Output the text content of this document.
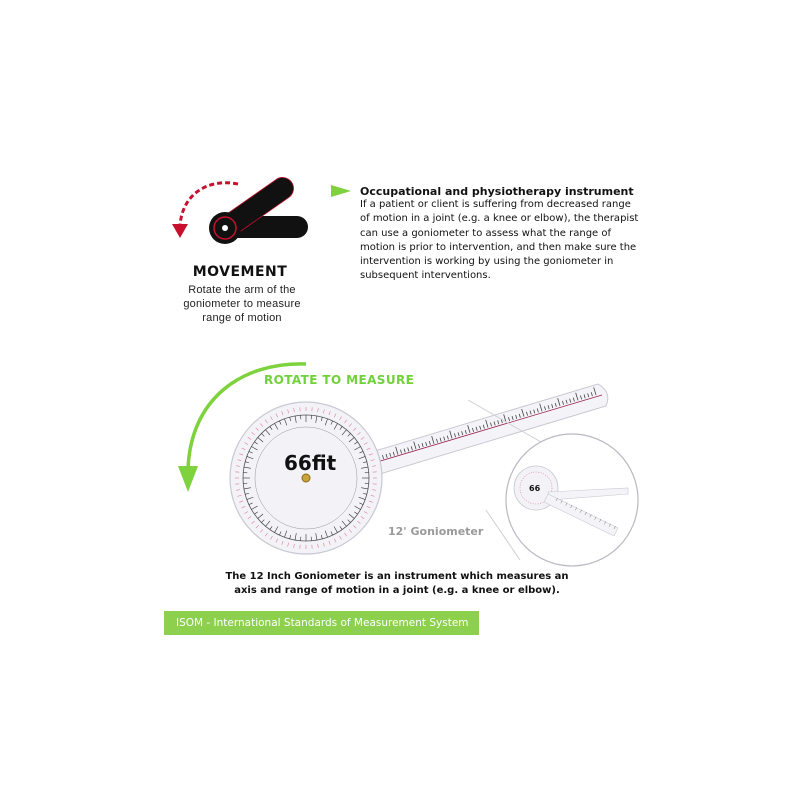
MOVEMENT
Rotate the arm of the goniometer to measure range of motion
Occupational and physiotherapy instrument
If a patient or client is suffering from decreased range of motion in a joint (e.g. a knee or elbow), the therapist can use a goniometer to assess what the range of motion is prior to intervention, and then make sure the intervention is working by using the goniometer in subsequent interventions.
ROTATE TO MEASURE
66fit
66
12' Goniometer
The 12 Inch Goniometer is an instrument which measures an axis and range of motion in a joint (e.g. a knee or elbow).
ISOM - International Standards of Measurement System
